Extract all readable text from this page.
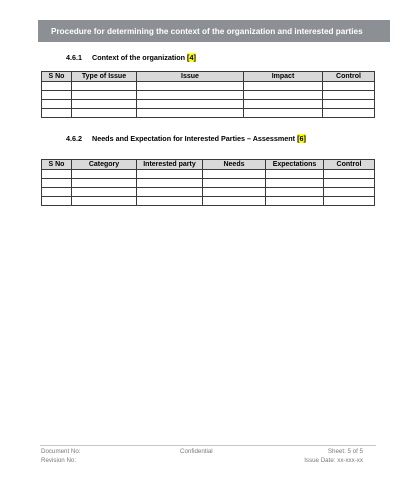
Procedure for determining the context of the organization and interested parties
4.6.1 Context of the organization [4]
S No	Type of Issue	Issue	Impact	Control

4.6.2 Needs and Expectation for Interested Parties – Assessment [6]
S No	Category	Interested party	Needs	Expectations	Control

Document No:
Revision No:
Confidential	Sheet: 5 of 5
Issue Date: xx-xxx-xx
